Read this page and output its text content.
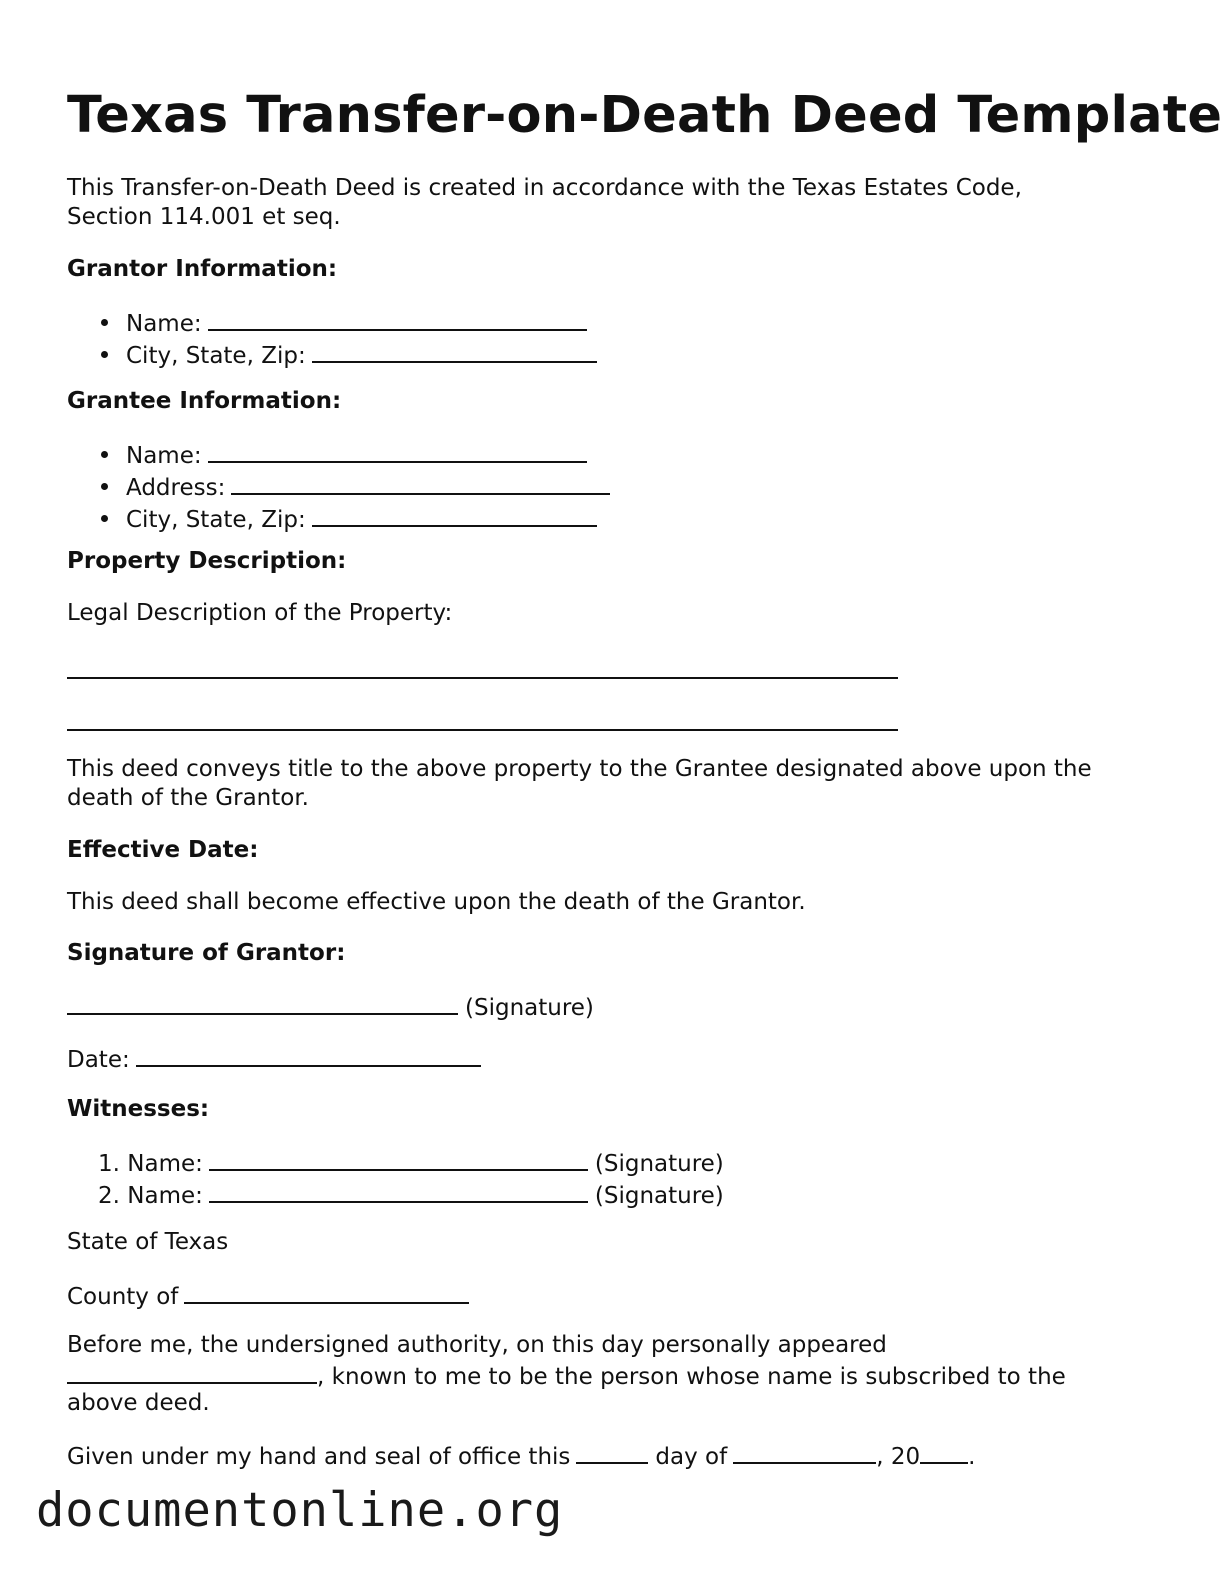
Texas Transfer-on-Death Deed Template

This Transfer-on-Death Deed is created in accordance with the Texas Estates Code,

Section 114.001 et seq.

Grantor Information:

Name:
City, State, Zip:

Grantee Information:

Name:
Address:
City, State, Zip:

Property Description:

Legal Description of the Property:

This deed conveys title to the above property to the Grantee designated above upon the

death of the Grantor.

Effective Date:

This deed shall become effective upon the death of the Grantor.

Signature of Grantor:

(Signature)

Date:

Witnesses:

1. Name:	(Signature)
2. Name:	(Signature)

State of Texas

County of

Before me, the undersigned authority, on this day personally appeared

, known to me to be the person whose name is subscribed to the

above deed.

Given under my hand and seal of office this	day of	, 20 .

documentonline.org
